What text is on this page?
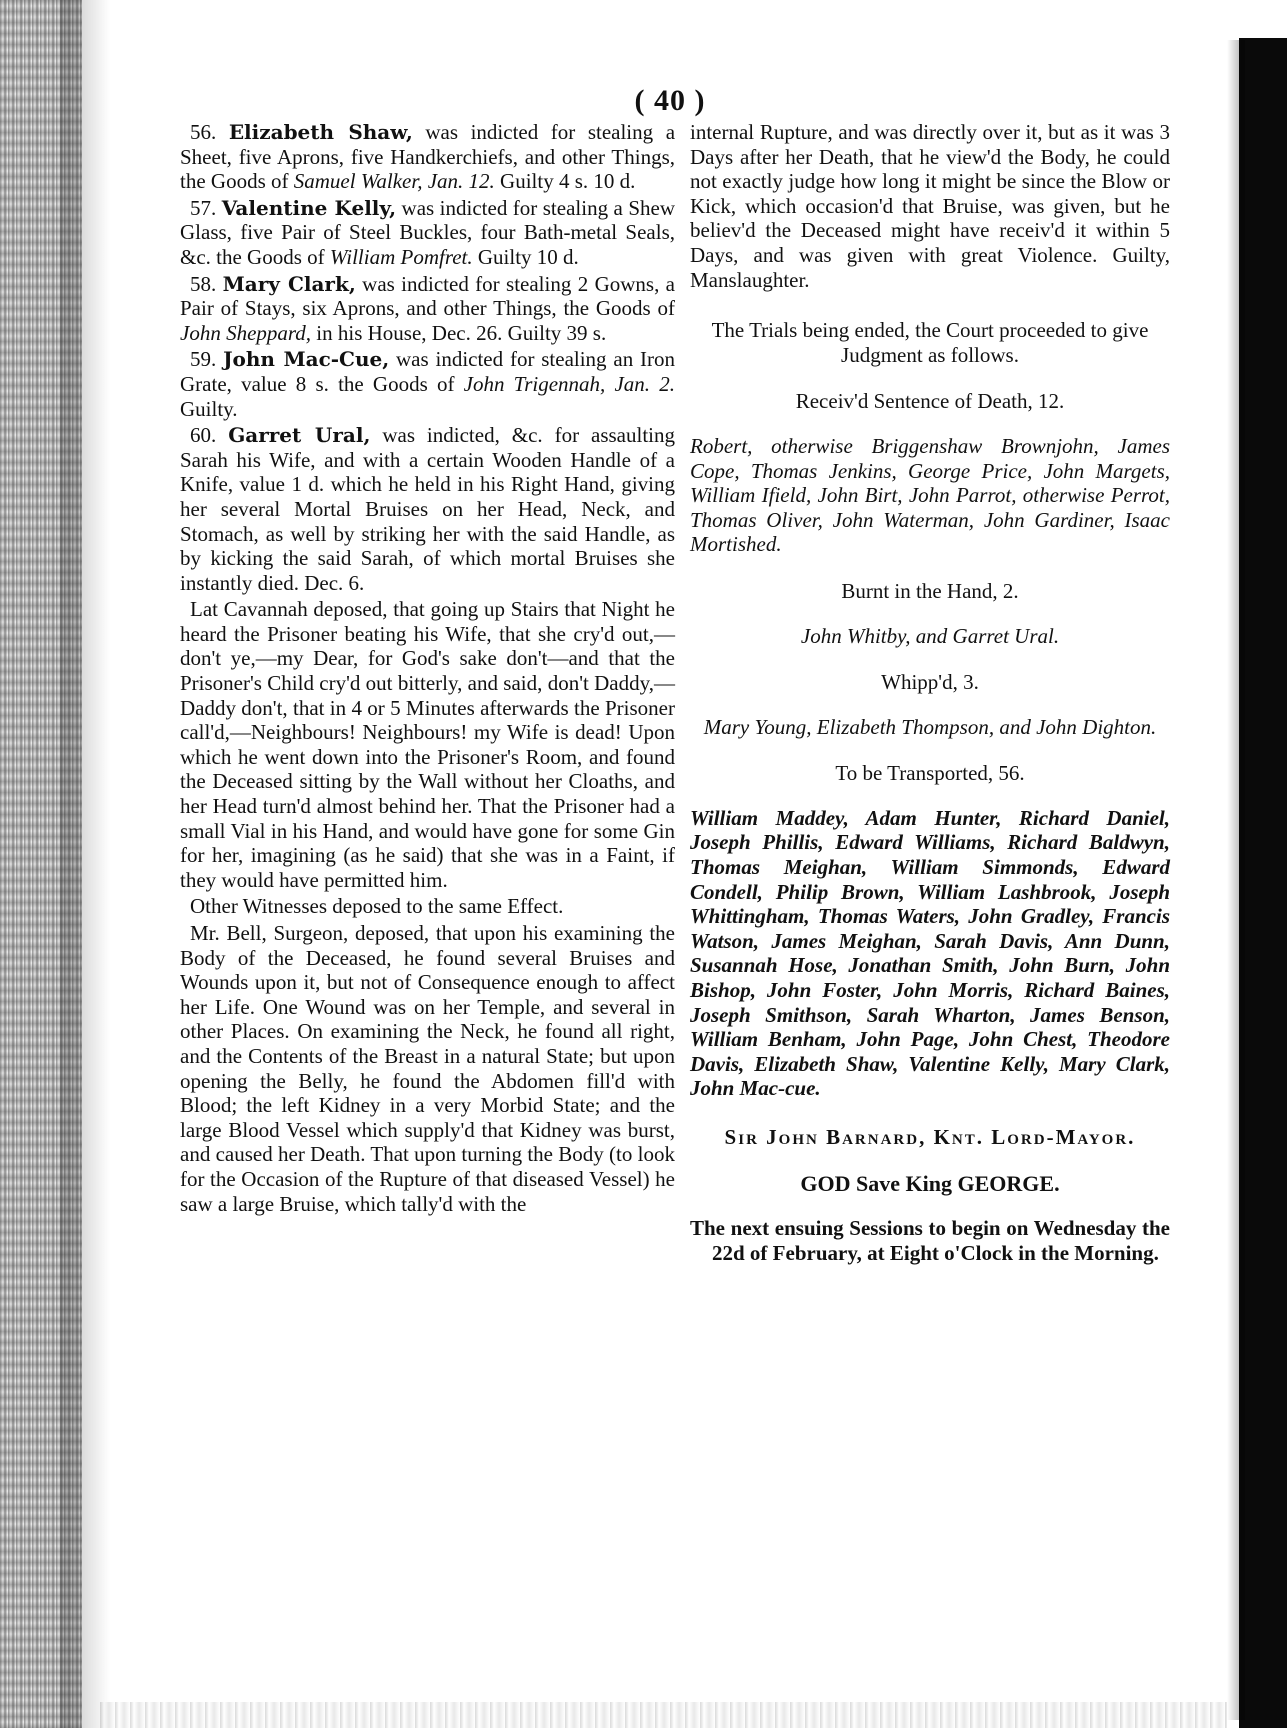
( 40 )

56. Elizabeth Shaw, was indicted for stealing a Sheet, five Aprons, five Handkerchiefs, and other Things, the Goods of Samuel Walker, Jan. 12. Guilty 4 s. 10 d.

57. Valentine Kelly, was indicted for stealing a Shew Glass, five Pair of Steel Buckles, four Bath-metal Seals, &c. the Goods of William Pomfret. Guilty 10 d.

58. Mary Clark, was indicted for stealing 2 Gowns, a Pair of Stays, six Aprons, and other Things, the Goods of John Sheppard, in his House, Dec. 26. Guilty 39 s.

59. John Mac-Cue, was indicted for stealing an Iron Grate, value 8 s. the Goods of John Trigennah, Jan. 2. Guilty.

60. Garret Ural, was indicted, &c. for assaulting Sarah his Wife, and with a certain Wooden Handle of a Knife, value 1 d. which he held in his Right Hand, giving her several Mortal Bruises on her Head, Neck, and Stomach, as well by striking her with the said Handle, as by kicking the said Sarah, of which mortal Bruises she instantly died. Dec. 6.

Lat Cavannah deposed, that going up Stairs that Night he heard the Prisoner beating his Wife, that she cry'd out,—don't ye,—my Dear, for God's sake don't—and that the Prisoner's Child cry'd out bitterly, and said, don't Daddy,— Daddy don't, that in 4 or 5 Minutes afterwards the Prisoner call'd,—Neighbours! Neighbours! my Wife is dead! Upon which he went down into the Prisoner's Room, and found the Deceased sitting by the Wall without her Cloaths, and her Head turn'd almost behind her. That the Prisoner had a small Vial in his Hand, and would have gone for some Gin for her, imagining (as he said) that she was in a Faint, if they would have permitted him.

Other Witnesses deposed to the same Effect.

Mr. Bell, Surgeon, deposed, that upon his examining the Body of the Deceased, he found several Bruises and Wounds upon it, but not of Consequence enough to affect her Life. One Wound was on her Temple, and several in other Places. On examining the Neck, he found all right, and the Contents of the Breast in a natural State; but upon opening the Belly, he found the Abdomen fill'd with Blood; the left Kidney in a very Morbid State; and the large Blood Vessel which supply'd that Kidney was burst, and caused her Death. That upon turning the Body (to look for the Occasion of the Rupture of that diseased Vessel) he saw a large Bruise, which tally'd with the

internal Rupture, and was directly over it, but as it was 3 Days after her Death, that he view'd the Body, he could not exactly judge how long it might be since the Blow or Kick, which occasion'd that Bruise, was given, but he believ'd the Deceased might have receiv'd it within 5 Days, and was given with great Violence. Guilty, Manslaughter.

The Trials being ended, the Court proceeded to give Judgment as follows.

Receiv'd Sentence of Death, 12.

Robert, otherwise Briggenshaw Brownjohn, James Cope, Thomas Jenkins, George Price, John Margets, William Ifield, John Birt, John Parrot, otherwise Perrot, Thomas Oliver, John Waterman, John Gardiner, Isaac Mortished.

Burnt in the Hand, 2.

John Whitby, and Garret Ural.

Whipp'd, 3.

Mary Young, Elizabeth Thompson, and John Dighton.

To be Transported, 56.

William Maddey, Adam Hunter, Richard Daniel, Joseph Phillis, Edward Williams, Richard Baldwyn, Thomas Meighan, William Simmonds, Edward Condell, Philip Brown, William Lashbrook, Joseph Whittingham, Thomas Waters, John Gradley, Francis Watson, James Meighan, Sarah Davis, Ann Dunn, Susannah Hose, Jonathan Smith, John Burn, John Bishop, John Foster, John Morris, Richard Baines, Joseph Smithson, Sarah Wharton, James Benson, William Benham, John Page, John Chest, Theodore Davis, Elizabeth Shaw, Valentine Kelly, Mary Clark, John Mac-cue.

Sir John Barnard, Knt. Lord-Mayor.

GOD Save King GEORGE.

The next ensuing Sessions to begin on Wednesday the 22d of February, at Eight o'Clock in the Morning.
